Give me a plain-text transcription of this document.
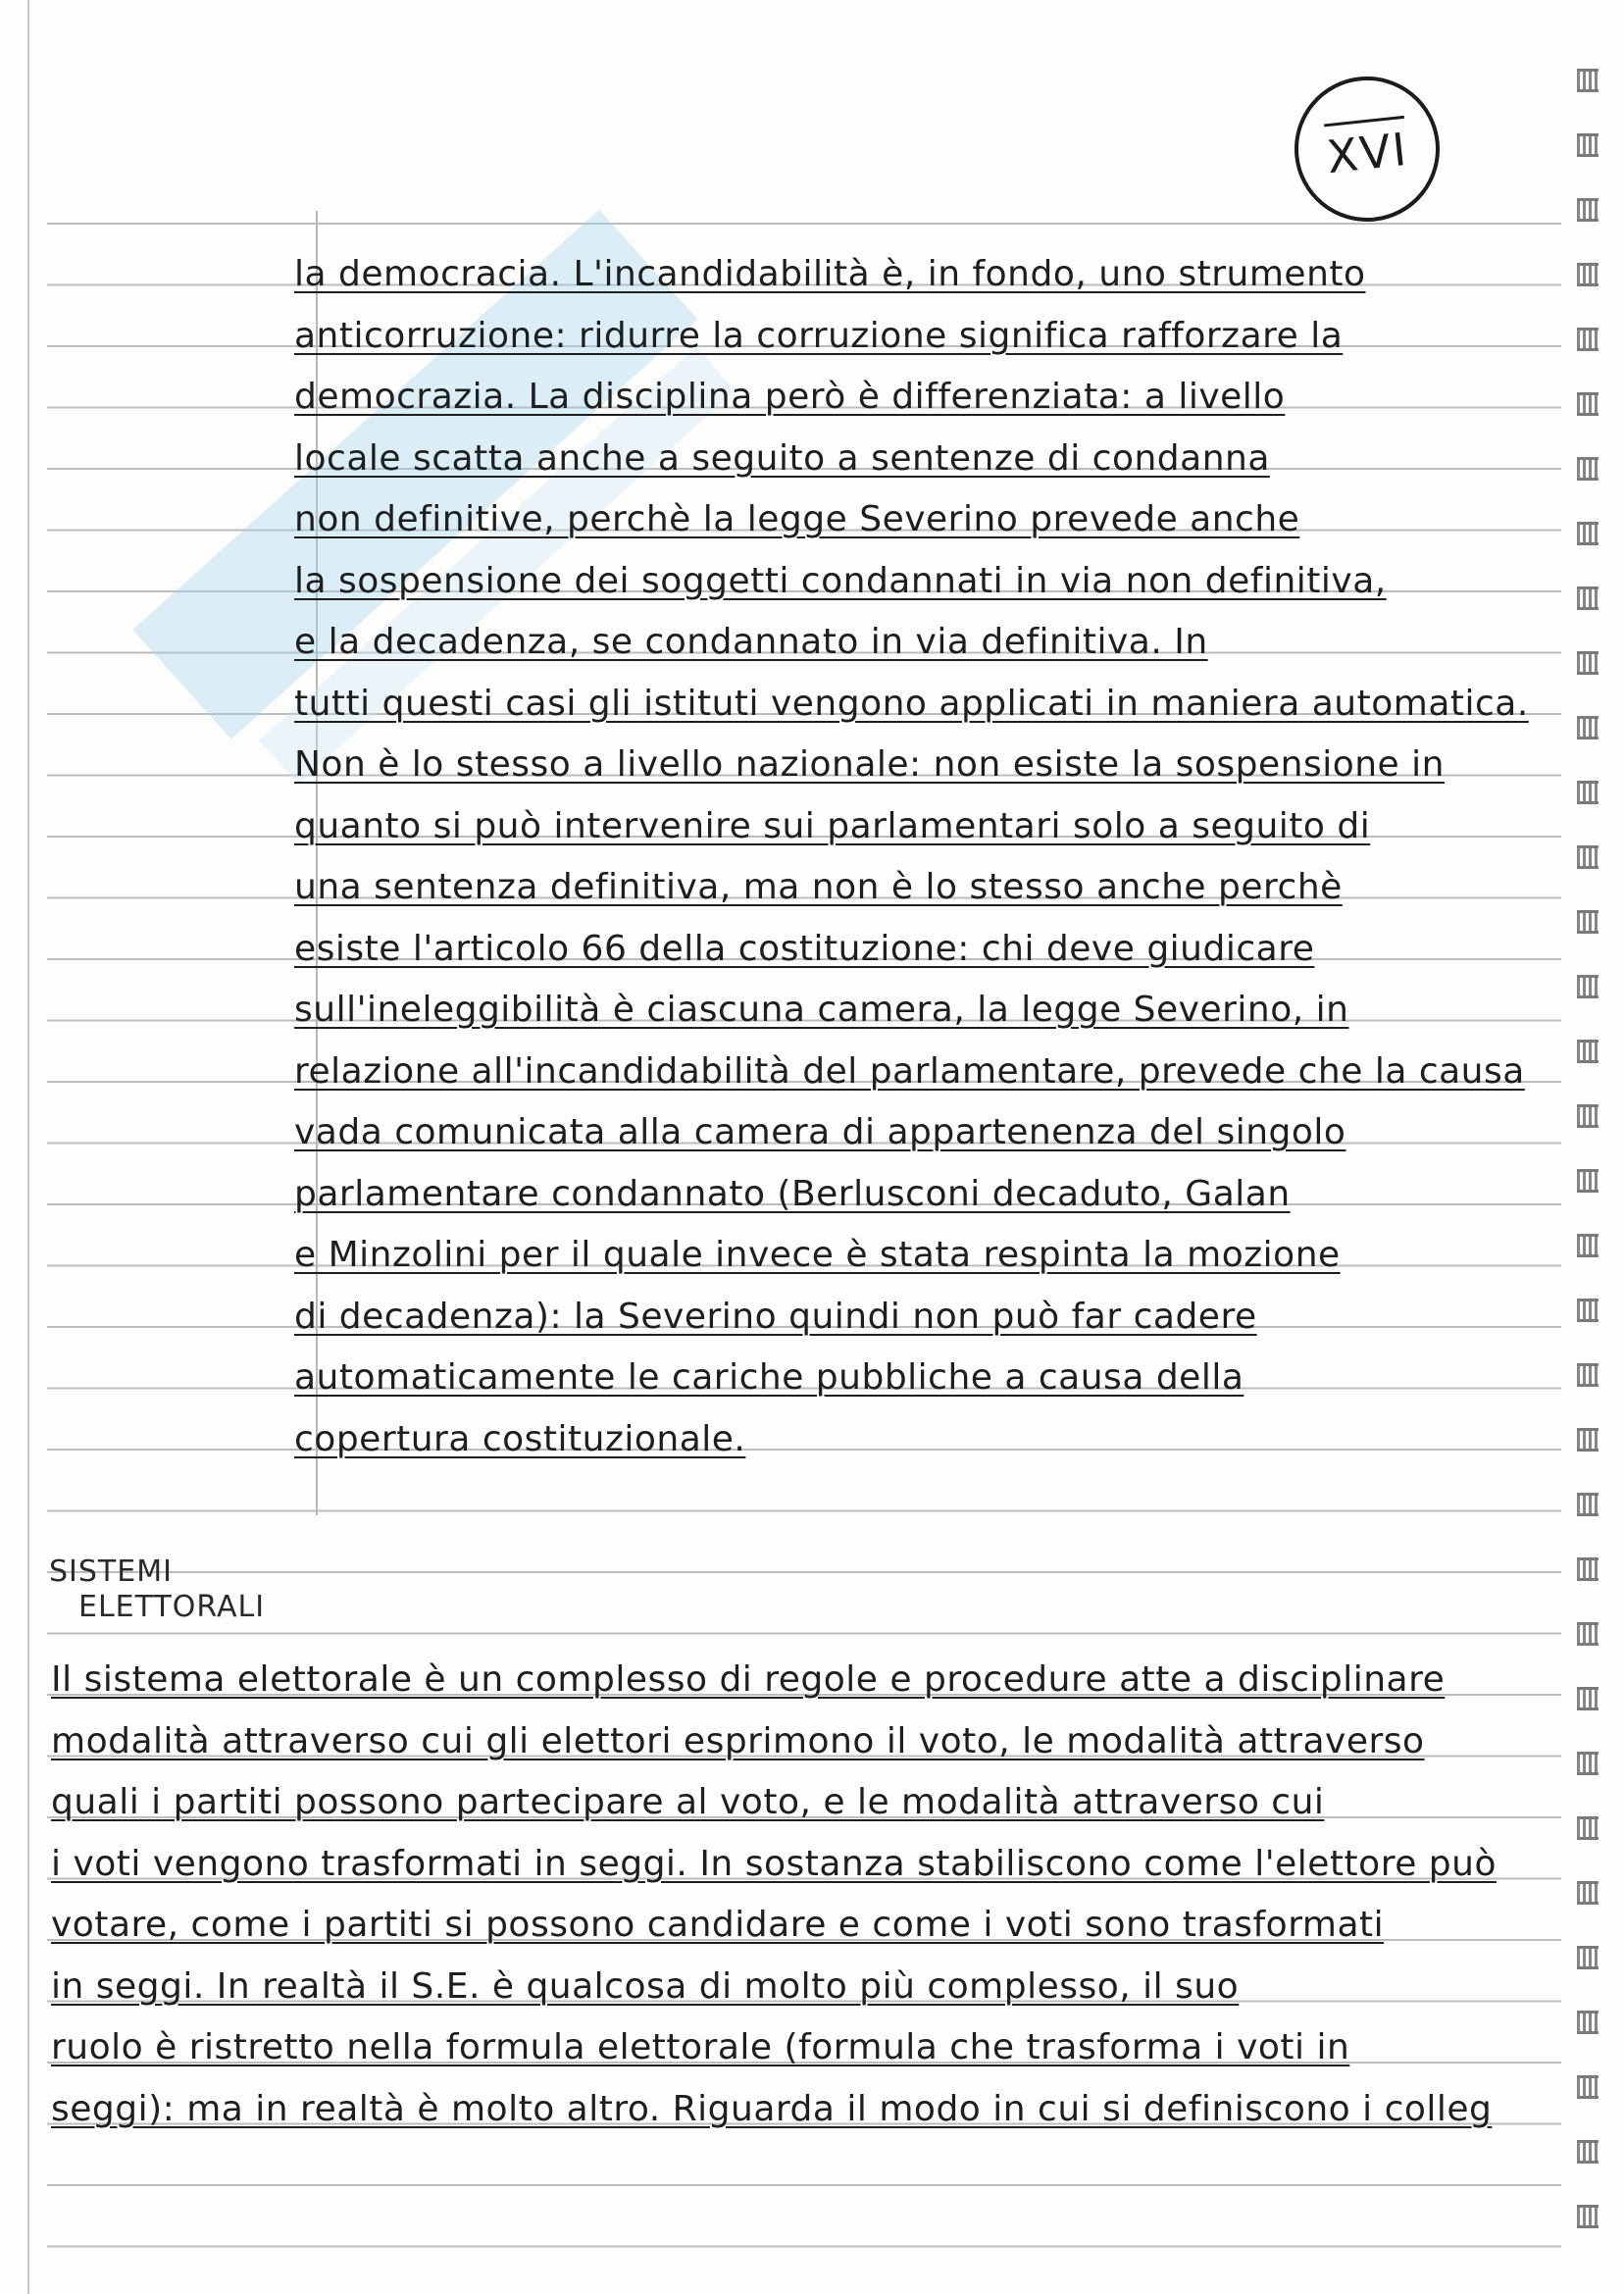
XVI
la democracia. L'incandidabilità è, in fondo, uno strumento
anticorruzione: ridurre la corruzione significa rafforzare la
democrazia. La disciplina però è differenziata: a livello
locale scatta anche a seguito a sentenze di condanna
non definitive, perchè la legge Severino prevede anche
la sospensione dei soggetti condannati in via non definitiva,
e la decadenza, se condannato in via definitiva. In
tutti questi casi gli istituti vengono applicati in maniera automatica.
Non è lo stesso a livello nazionale: non esiste la sospensione in
quanto si può intervenire sui parlamentari solo a seguito di
una sentenza definitiva, ma non è lo stesso anche perchè
esiste l'articolo 66 della costituzione: chi deve giudicare
sull'ineleggibilità è ciascuna camera, la legge Severino, in
relazione all'incandidabilità del parlamentare, prevede che la causa
vada comunicata alla camera di appartenenza del singolo
parlamentare condannato (Berlusconi decaduto, Galan
e Minzolini per il quale invece è stata respinta la mozione
di decadenza): la Severino quindi non può far cadere
automaticamente le cariche pubbliche a causa della
copertura costituzionale.
SISTEMI
ELETTORALI
Il sistema elettorale è un complesso di regole e procedure atte a disciplinare
modalità attraverso cui gli elettori esprimono il voto, le modalità attraverso
quali i partiti possono partecipare al voto, e le modalità attraverso cui
i voti vengono trasformati in seggi. In sostanza stabiliscono come l'elettore può
votare, come i partiti si possono candidare e come i voti sono trasformati
in seggi. In realtà il S.E. è qualcosa di molto più complesso, il suo
ruolo è ristretto nella formula elettorale (formula che trasforma i voti in
seggi): ma in realtà è molto altro. Riguarda il modo in cui si definiscono i colleg
